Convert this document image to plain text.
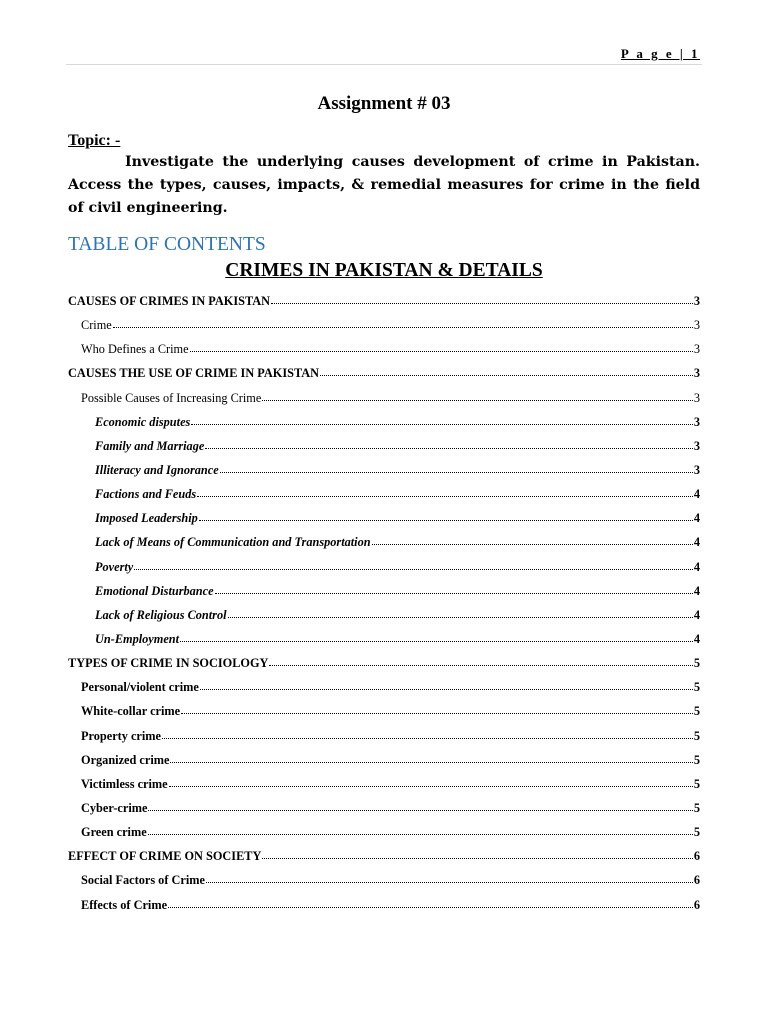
P a g e | 1
Assignment # 03
Topic: -

Investigate the underlying causes development of crime in Pakistan. Access the types, causes, impacts, & remedial measures for crime in the field of civil engineering.

TABLE OF CONTENTS
CRIMES IN PAKISTAN & DETAILS
CAUSES OF CRIMES IN PAKISTAN	3
Crime	3
Who Defines a Crime	3
CAUSES THE USE OF CRIME IN PAKISTAN	3
Possible Causes of Increasing Crime	3
Economic disputes	3
Family and Marriage	3
Illiteracy and Ignorance	3
Factions and Feuds	4
Imposed Leadership	4
Lack of Means of Communication and Transportation	4
Poverty	4
Emotional Disturbance	4
Lack of Religious Control	4
Un-Employment	4
TYPES OF CRIME IN SOCIOLOGY	5
Personal/violent crime	5
White-collar crime	5
Property crime	5
Organized crime	5
Victimless crime	5
Cyber-crime	5
Green crime	5
EFFECT OF CRIME ON SOCIETY	6
Social Factors of Crime	6
Effects of Crime	6
